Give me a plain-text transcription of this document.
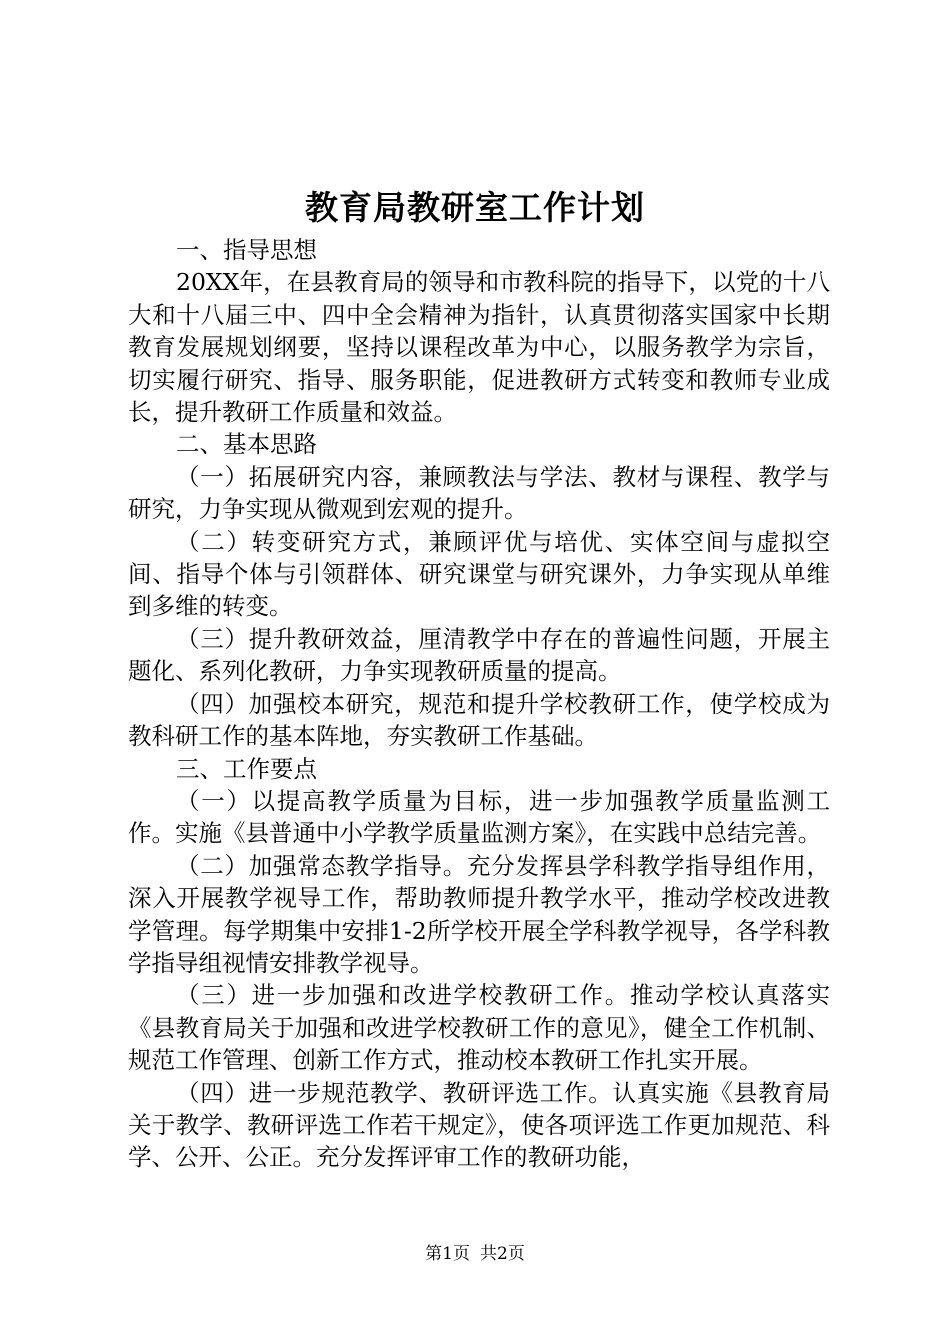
教育局教研室工作计划

一、指导思想

20XX年，在县教育局的领导和市教科院的指导下，以党的十八大和十八届三中、四中全会精神为指针，认真贯彻落实国家中长期教育发展规划纲要，坚持以课程改革为中心，以服务教学为宗旨，切实履行研究、指导、服务职能，促进教研方式转变和教师专业成长，提升教研工作质量和效益。

二、基本思路

（一）拓展研究内容，兼顾教法与学法、教材与课程、教学与研究，力争实现从微观到宏观的提升。

（二）转变研究方式，兼顾评优与培优、实体空间与虚拟空间、指导个体与引领群体、研究课堂与研究课外，力争实现从单维到多维的转变。

（三）提升教研效益，厘清教学中存在的普遍性问题，开展主题化、系列化教研，力争实现教研质量的提高。

（四）加强校本研究，规范和提升学校教研工作，使学校成为教科研工作的基本阵地，夯实教研工作基础。

三、工作要点

（一）以提高教学质量为目标，进一步加强教学质量监测工作。实施《县普通中小学教学质量监测方案》，在实践中总结完善。

（二）加强常态教学指导。充分发挥县学科教学指导组作用，深入开展教学视导工作，帮助教师提升教学水平，推动学校改进教学管理。每学期集中安排1-2所学校开展全学科教学视导，各学科教学指导组视情安排教学视导。

（三）进一步加强和改进学校教研工作。推动学校认真落实《县教育局关于加强和改进学校教研工作的意见》，健全工作机制、规范工作管理、创新工作方式，推动校本教研工作扎实开展。

（四）进一步规范教学、教研评选工作。认真实施《县教育局关于教学、教研评选工作若干规定》，使各项评选工作更加规范、科学、公开、公正。充分发挥评审工作的教研功能，

第1页 共2页
